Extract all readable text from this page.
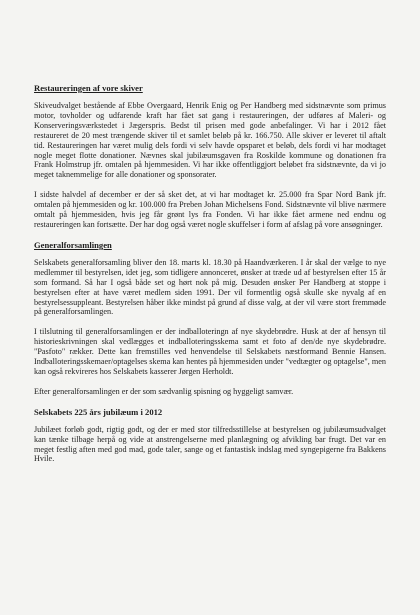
Restaureringen af vore skiver

Skiveudvalget bestående af Ebbe Overgaard, Henrik Enig og Per Handberg med sidstnævnte som primus motor, tovholder og udfarende kraft har fået sat gang i restaureringen, der udføres af Maleri- og Konserveringsværkstedet i Jægerspris. Bedst til prisen med gode anbefalinger. Vi har i 2012 fået restaureret de 20 mest trængende skiver til et samlet beløb på kr. 166.750. Alle skiver er leveret til aftalt tid. Restaureringen har været mulig dels fordi vi selv havde opsparet et beløb, dels fordi vi har modtaget nogle meget flotte donationer. Nævnes skal jubilæumsgaven fra Roskilde kommune og donationen fra Frank Holmstrup jfr. omtalen på hjemmesiden. Vi har ikke offentliggjort beløbet fra sidstnævnte, da vi jo meget taknemmelige for alle donationer og sponsorater.

I sidste halvdel af december er der så sket det, at vi har modtaget kr. 25.000 fra Spar Nord Bank jfr. omtalen på hjemmesiden og kr. 100.000 fra Preben Johan Michelsens Fond. Sidstnævnte vil blive nærmere omtalt på hjemmesiden, hvis jeg får grønt lys fra Fonden. Vi har ikke fået armene ned endnu og restaureringen kan fortsætte. Der har dog også været nogle skuffelser i form af afslag på vore ansøgninger.

Generalforsamlingen

Selskabets generalforsamling bliver den 18. marts kl. 18.30 på Haandværkeren. I år skal der vælge to nye medlemmer til bestyrelsen, idet jeg, som tidligere annonceret, ønsker at træde ud af bestyrelsen efter 15 år som formand. Så har I også både set og hørt nok på mig. Desuden ønsker Per Handberg at stoppe i bestyrelsen efter at have været medlem siden 1991. Der vil formentlig også skulle ske nyvalg af en bestyrelsessuppleant. Bestyrelsen håber ikke mindst på grund af disse valg, at der vil være stort fremmøde på generalforsamlingen.

I tilslutning til generalforsamlingen er der indballoteringn af nye skydebrødre. Husk at der af hensyn til historieskrivningen skal vedlægges et indballoteringsskema samt et foto af den/de nye skydebrødre. "Pasfoto" rækker. Dette kan fremstilles ved henvendelse til Selskabets næstformand Bennie Hansen. Indballoteringsskemaer/optagelses skema kan hentes på hjemmesiden under "vedtægter og optagelse", men kan også rekvireres hos Selskabets kasserer Jørgen Herholdt.

Efter generalforsamlingen er der som sædvanlig spisning og hyggeligt samvær.

Selskabets 225 års jubilæum i 2012

Jubilæet forløb godt, rigtig godt, og der er med stor tilfredsstillelse at bestyrelsen og jubilæumsudvalget kan tænke tilbage herpå og vide at anstrengelserne med planlægning og afvikling bar frugt. Det var en meget festlig aften med god mad, gode taler, sange og et fantastisk indslag med syngepigerne fra Bakkens Hvile.
